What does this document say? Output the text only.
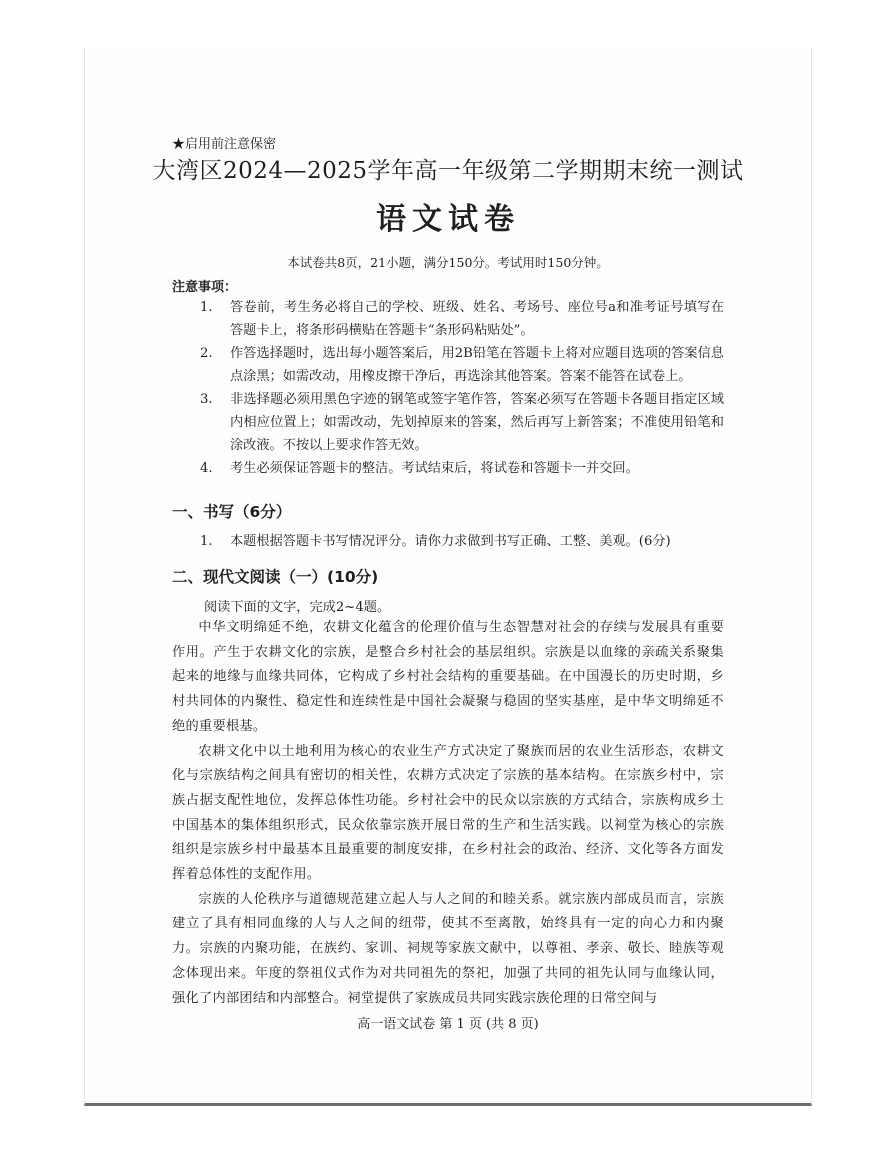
★启用前注意保密
大湾区2024—2025学年高一年级第二学期期末统一测试
语文试卷
本试卷共8页，21小题，满分150分。考试用时150分钟。
注意事项：
1. 答卷前，考生务必将自己的学校、班级、姓名、考场号、座位号a和准考证号填写在答题卡上，将条形码横贴在答题卡“条形码粘贴处”。
2. 作答选择题时，选出每小题答案后，用2B铅笔在答题卡上将对应题目选项的答案信息点涂黑；如需改动，用橡皮擦干净后，再选涂其他答案。答案不能答在试卷上。
3. 非选择题必须用黑色字迹的钢笔或签字笔作答，答案必须写在答题卡各题目指定区域内相应位置上；如需改动，先划掉原来的答案，然后再写上新答案；不准使用铅笔和涂改液。不按以上要求作答无效。
4. 考生必须保证答题卡的整洁。考试结束后，将试卷和答题卡一并交回。
一、书写（6分）
1. 本题根据答题卡书写情况评分。请你力求做到书写正确、工整、美观。(6分)
二、现代文阅读（一）(10分)
阅读下面的文字，完成2~4题。

中华文明绵延不绝，农耕文化蕴含的伦理价值与生态智慧对社会的存续与发展具有重要作用。产生于农耕文化的宗族，是整合乡村社会的基层组织。宗族是以血缘的亲疏关系聚集起来的地缘与血缘共同体，它构成了乡村社会结构的重要基础。在中国漫长的历史时期，乡村共同体的内聚性、稳定性和连续性是中国社会凝聚与稳固的坚实基座，是中华文明绵延不绝的重要根基。

农耕文化中以土地利用为核心的农业生产方式决定了聚族而居的农业生活形态，农耕文化与宗族结构之间具有密切的相关性，农耕方式决定了宗族的基本结构。在宗族乡村中，宗族占据支配性地位，发挥总体性功能。乡村社会中的民众以宗族的方式结合，宗族构成乡土中国基本的集体组织形式，民众依靠宗族开展日常的生产和生活实践。以祠堂为核心的宗族组织是宗族乡村中最基本且最重要的制度安排，在乡村社会的政治、经济、文化等各方面发挥着总体性的支配作用。

宗族的人伦秩序与道德规范建立起人与人之间的和睦关系。就宗族内部成员而言，宗族建立了具有相同血缘的人与人之间的纽带，使其不至离散，始终具有一定的向心力和内聚力。宗族的内聚功能，在族约、家训、祠规等家族文献中，以尊祖、孝亲、敬长、睦族等观念体现出来。年度的祭祖仪式作为对共同祖先的祭祀，加强了共同的祖先认同与血缘认同，强化了内部团结和内部整合。祠堂提供了家族成员共同实践宗族伦理的日常空间与

高一语文试卷 第 1 页 (共 8 页)
